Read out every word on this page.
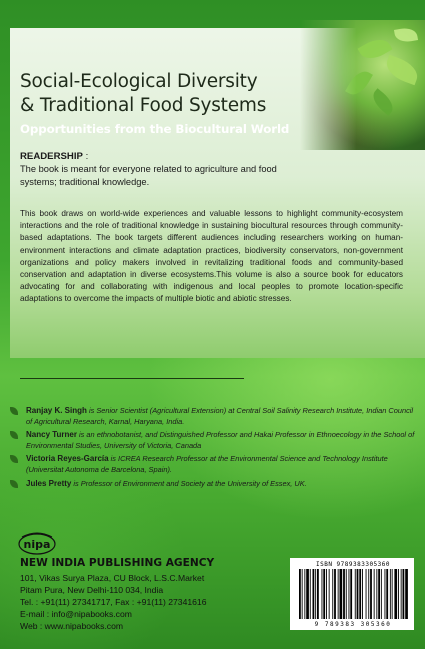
Social-Ecological Diversity
& Traditional Food Systems
Opportunities from the Biocultural World
READERSHIP :
The book is meant for everyone related to agriculture and food systems; traditional knowledge.
This book draws on world-wide experiences and valuable lessons to highlight community-ecosystem interactions and the role of traditional knowledge in sustaining biocultural resources through community-based adaptations. The book targets different audiences including researchers working on human-environment interactions and climate adaptation practices, biodiversity conservators, non-government organizations and policy makers involved in revitalizing traditional foods and community-based conservation and adaptation in diverse ecosystems.This volume is also a source book for educators advocating for and collaborating with indigenous and local peoples to promote location-specific adaptations to overcome the impacts of multiple biotic and abiotic stresses.
Ranjay K. Singh is Senior Scientist (Agricultural Extension) at Central Soil Salinity Research Institute, Indian Council of Agricultural Research, Karnal, Haryana, India.
Nancy Turner is an ethnobotanist, and Distinguished Professor and Hakai Professor in Ethnoecology in the School of Environmental Studies, University of Victoria, Canada
Victoria Reyes-García is ICREA Research Professor at the Environmental Science and Technology Institute (Universitat Autonoma de Barcelona, Spain).
Jules Pretty is Professor of Environment and Society at the University of Essex, UK.
nipa
NEW INDIA PUBLISHING AGENCY
101, Vikas Surya Plaza, CU Block, L.S.C.Market
Pitam Pura, New Delhi-110 034, India
Tel. : +91(11) 27341717, Fax : +91(11) 27341616
E-mail : info@nipabooks.com
Web : www.nipabooks.com
ISBN 9789383305360
9 789383 305360
